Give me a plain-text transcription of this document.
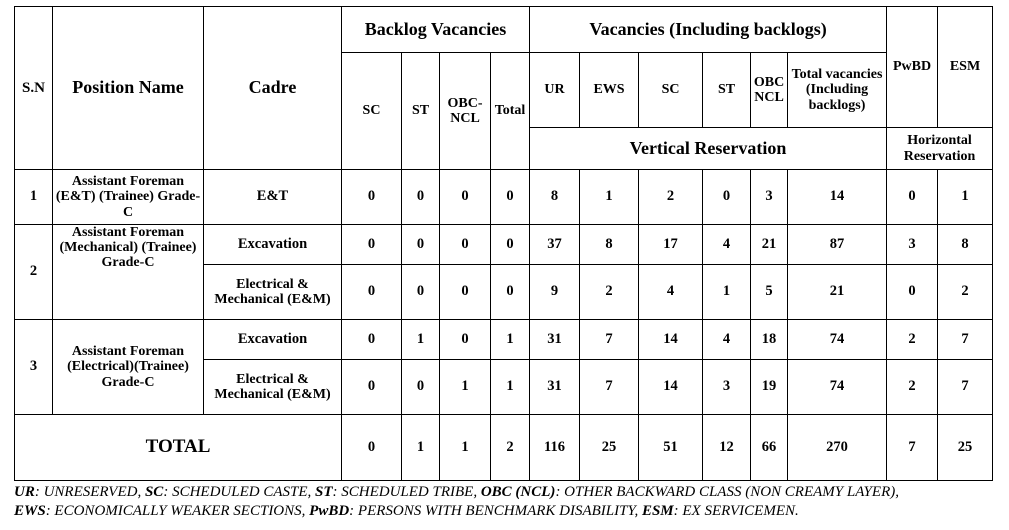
S.N	Position Name	Cadre	Backlog Vacancies				Vacancies (Including backlogs)						PwBD	ESM
			SC	ST	OBC-NCL	Total	UR	EWS	SC	ST	OBC NCL	Total vacancies (Including backlogs)		
							Vertical Reservation						Horizontal Reservation	
1	Assistant Foreman (E&T) (Trainee) Grade-C	E&T	0	0	0	0	8	1	2	0	3	14	0	1
2	Assistant Foreman (Mechanical) (Trainee) Grade-C	Excavation	0	0	0	0	37	8	17	4	21	87	3	8
		Electrical & Mechanical (E&M)	0	0	0	0	9	2	4	1	5	21	0	2
3	Assistant Foreman (Electrical)(Trainee) Grade-C	Excavation	0	1	0	1	31	7	14	4	18	74	2	7
		Electrical & Mechanical (E&M)	0	0	1	1	31	7	14	3	19	74	2	7
TOTAL			0	1	1	2	116	25	51	12	66	270	7	25
UR: UNRESERVED, SC: SCHEDULED CASTE, ST: SCHEDULED TRIBE, OBC (NCL): OTHER BACKWARD CLASS (NON CREAMY LAYER),
EWS: ECONOMICALLY WEAKER SECTIONS, PwBD: PERSONS WITH BENCHMARK DISABILITY, ESM: EX SERVICEMEN.
